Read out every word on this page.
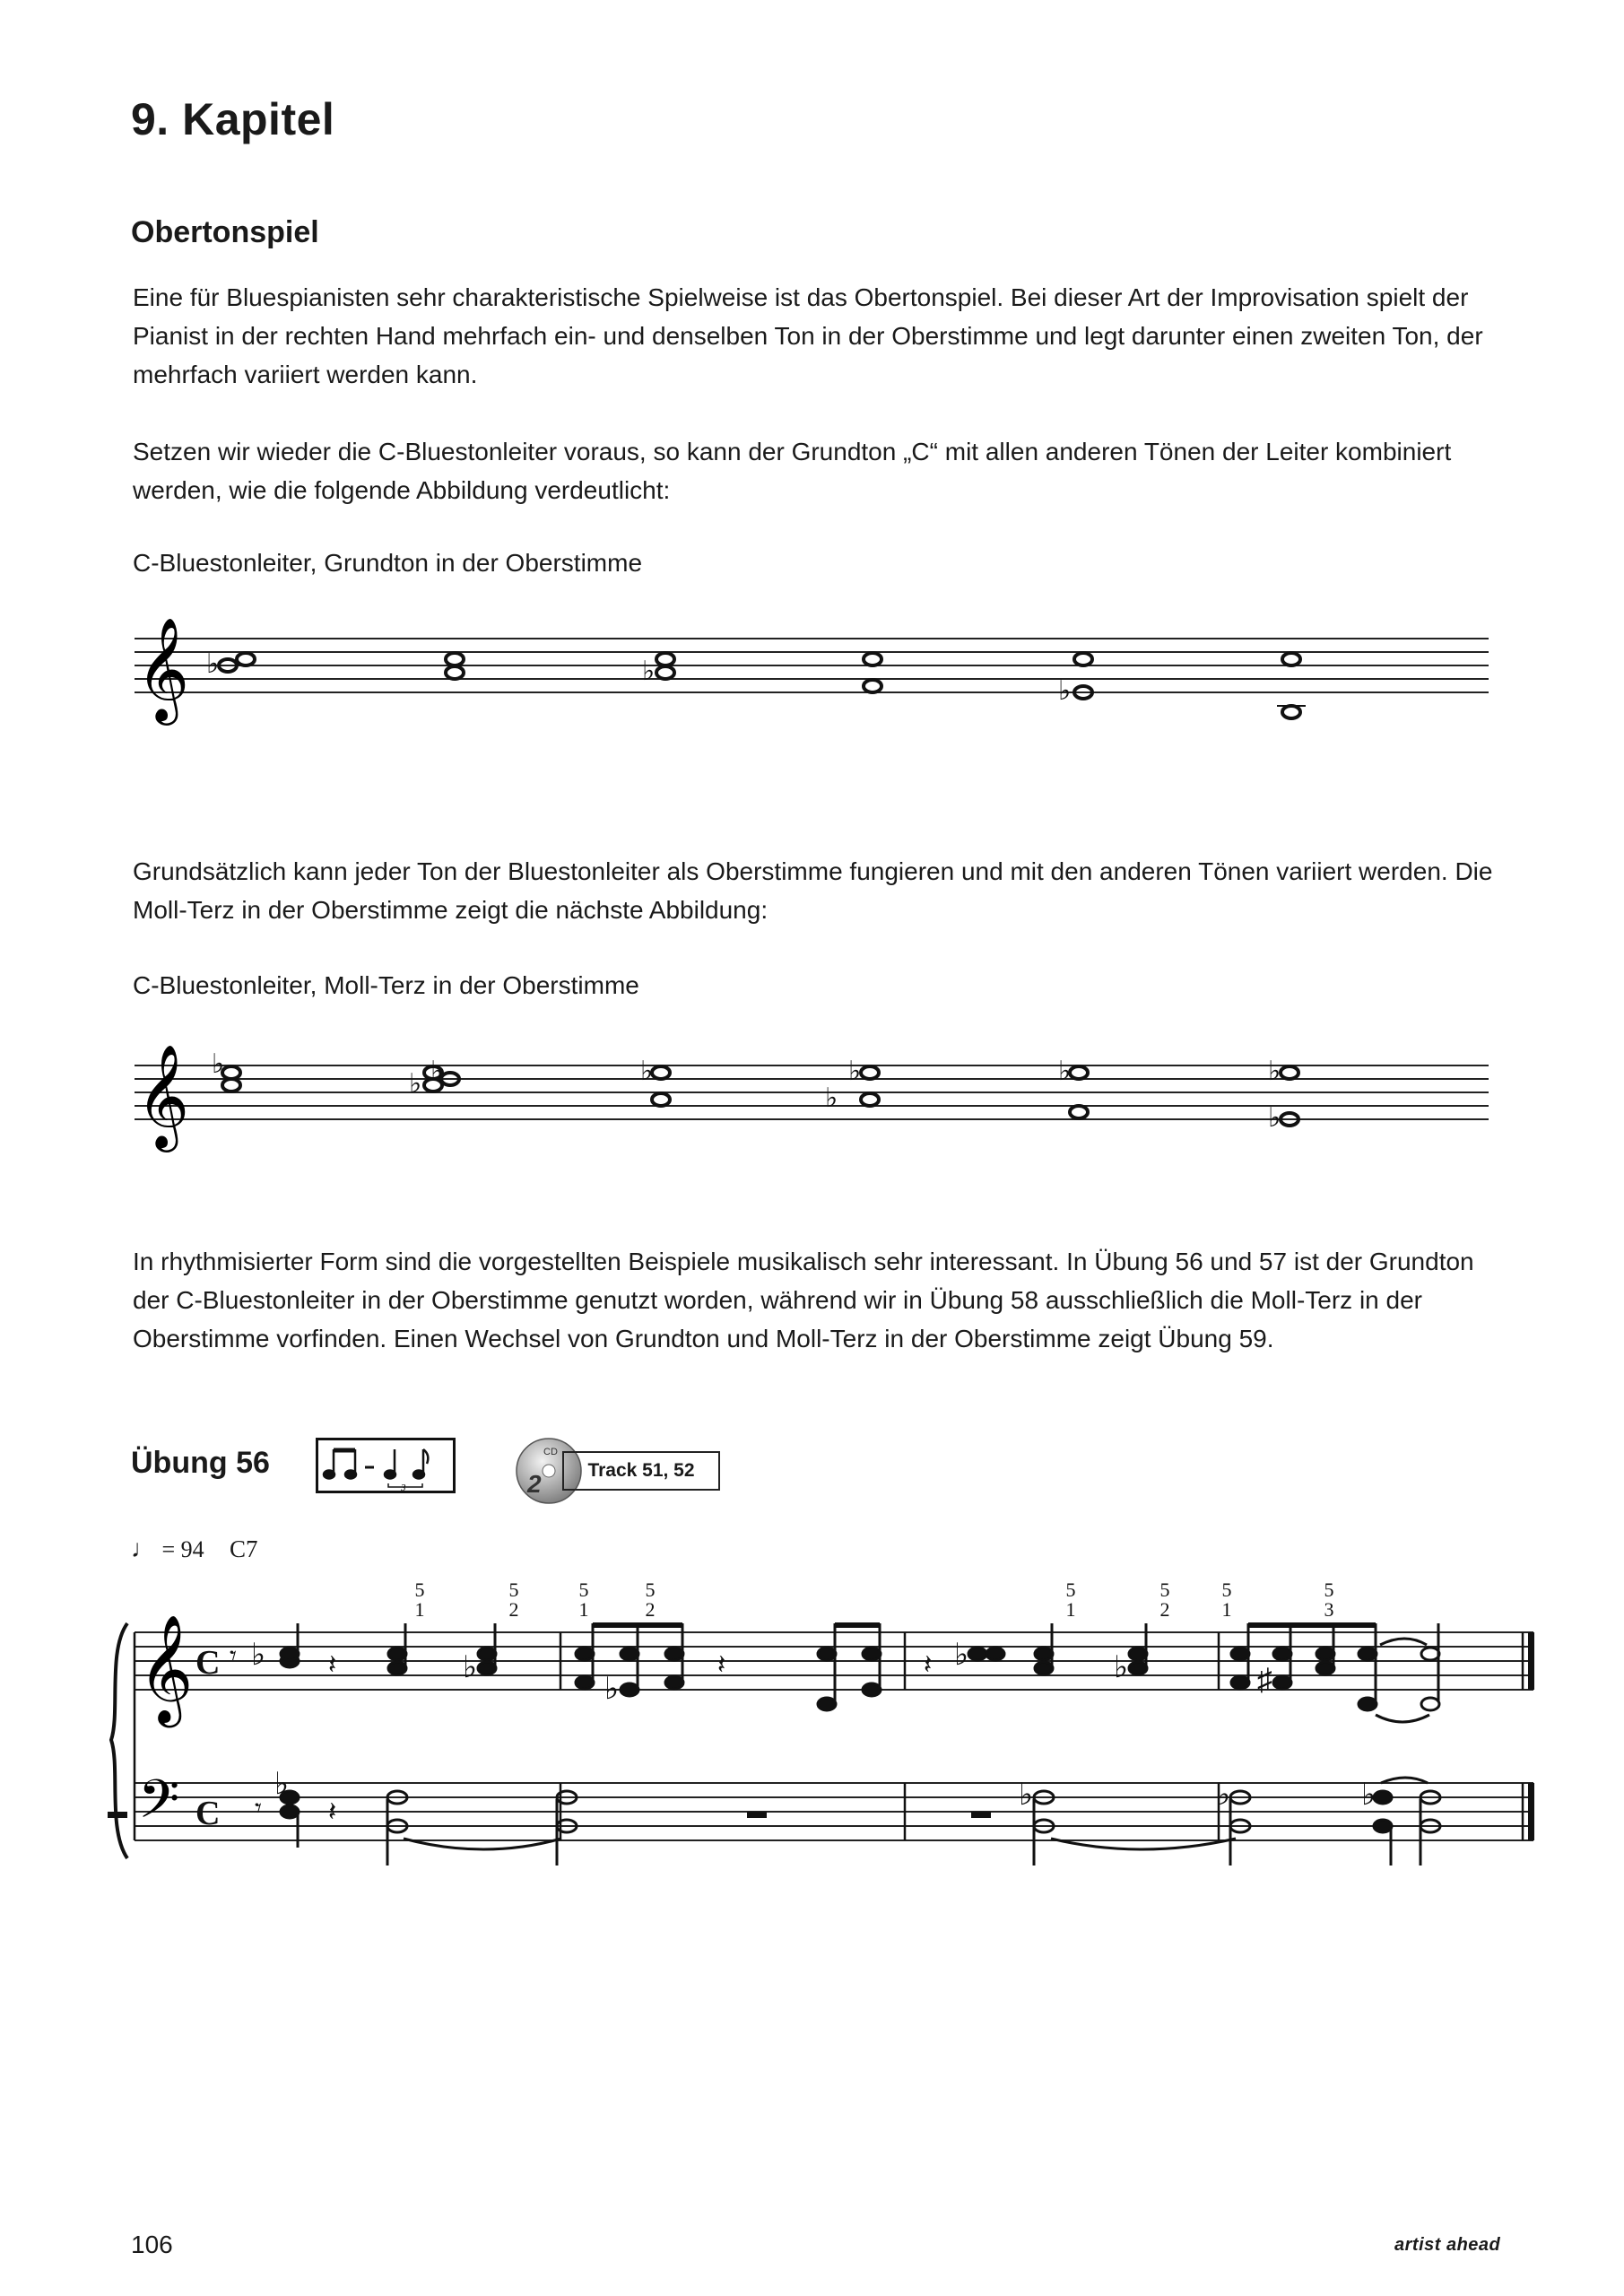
9. Kapitel
Obertonspiel

Eine für Bluespianisten sehr charakteristische Spielweise ist das Obertonspiel. Bei dieser Art der Improvisation spielt der Pianist in der rechten Hand mehrfach ein- und denselben Ton in der Oberstimme und legt darunter einen zweiten Ton, der mehrfach variiert werden kann.

Setzen wir wieder die C-Bluestonleiter voraus, so kann der Grundton „C“ mit allen anderen Tönen der Leiter kombiniert werden, wie die folgende Abbildung verdeutlicht:

C-Bluestonleiter, Grundton in der Oberstimme

𝄞 ♭	♭
♭

Grundsätzlich kann jeder Ton der Bluestonleiter als Oberstimme fungieren und mit den anderen Tönen variiert werden. Die Moll-Terz in der Oberstimme zeigt die nächste Abbildung:

C-Bluestonleiter, Moll-Terz in der Oberstimme

𝄞 ♭
♭ ♭	♭	♭
♭
♭	♭
♭

In rhythmisierter Form sind die vorgestellten Beispiele musikalisch sehr interessant. In Übung 56 und 57 ist der Grundton der C-Bluestonleiter in der Oberstimme genutzt worden, während wir in Übung 58 ausschließlich die Moll-Terz in der Oberstimme vorfinden. Einen Wechsel von Grundton und Moll-Terz in der Oberstimme zeigt Übung 59.

Übung 56

3	2
CD
Track 51, 52
♩ = 94 C7
5
1
5
2
5
1
5
2
5
1
5
2
5
1
5
3
𝄞
𝄢
C
C
♭	♭
♭
♭	♭	♯
𝄾	𝄽	𝄽	𝄽
♭	♭	♭	♭
𝄾 𝄽
106	artist ahead
